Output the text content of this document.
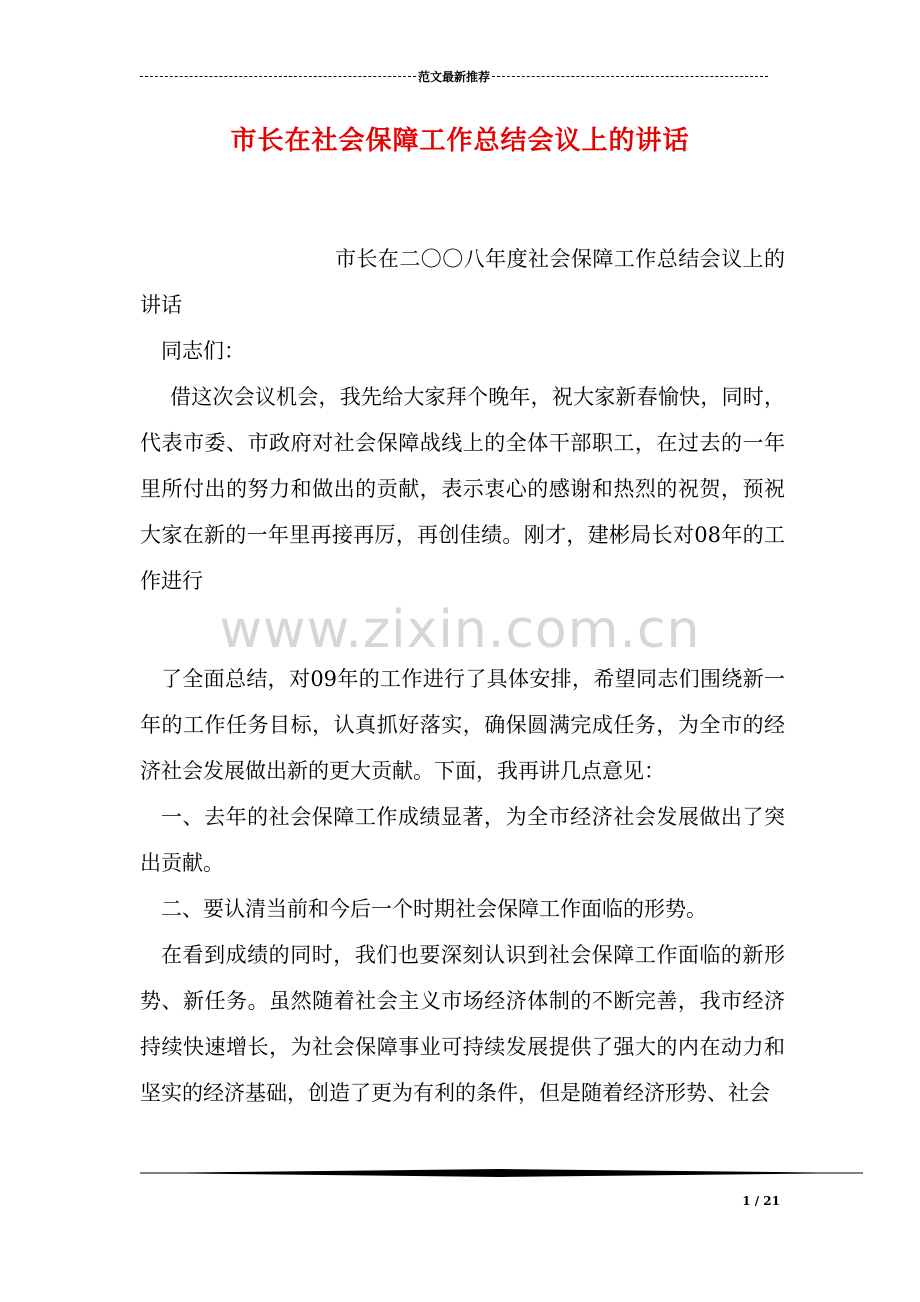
范文最新推荐
市长在社会保障工作总结会议上的讲话
www.zixin.com.cn

市长在二〇〇八年度社会保障工作总结会议上的讲话

同志们：

借这次会议机会，我先给大家拜个晚年，祝大家新春愉快，同时，代表市委、市政府对社会保障战线上的全体干部职工，在过去的一年里所付出的努力和做出的贡献，表示衷心的感谢和热烈的祝贺，预祝大家在新的一年里再接再厉，再创佳绩。刚才，建彬局长对08年的工作进行

了全面总结，对09年的工作进行了具体安排，希望同志们围绕新一年的工作任务目标，认真抓好落实，确保圆满完成任务，为全市的经济社会发展做出新的更大贡献。下面，我再讲几点意见：

一、去年的社会保障工作成绩显著，为全市经济社会发展做出了突出贡献。

二、要认清当前和今后一个时期社会保障工作面临的形势。

在看到成绩的同时，我们也要深刻认识到社会保障工作面临的新形势、新任务。虽然随着社会主义市场经济体制的不断完善，我市经济持续快速增长，为社会保障事业可持续发展提供了强大的内在动力和坚实的经济基础，创造了更为有利的条件，但是随着经济形势、社会

1 / 21
